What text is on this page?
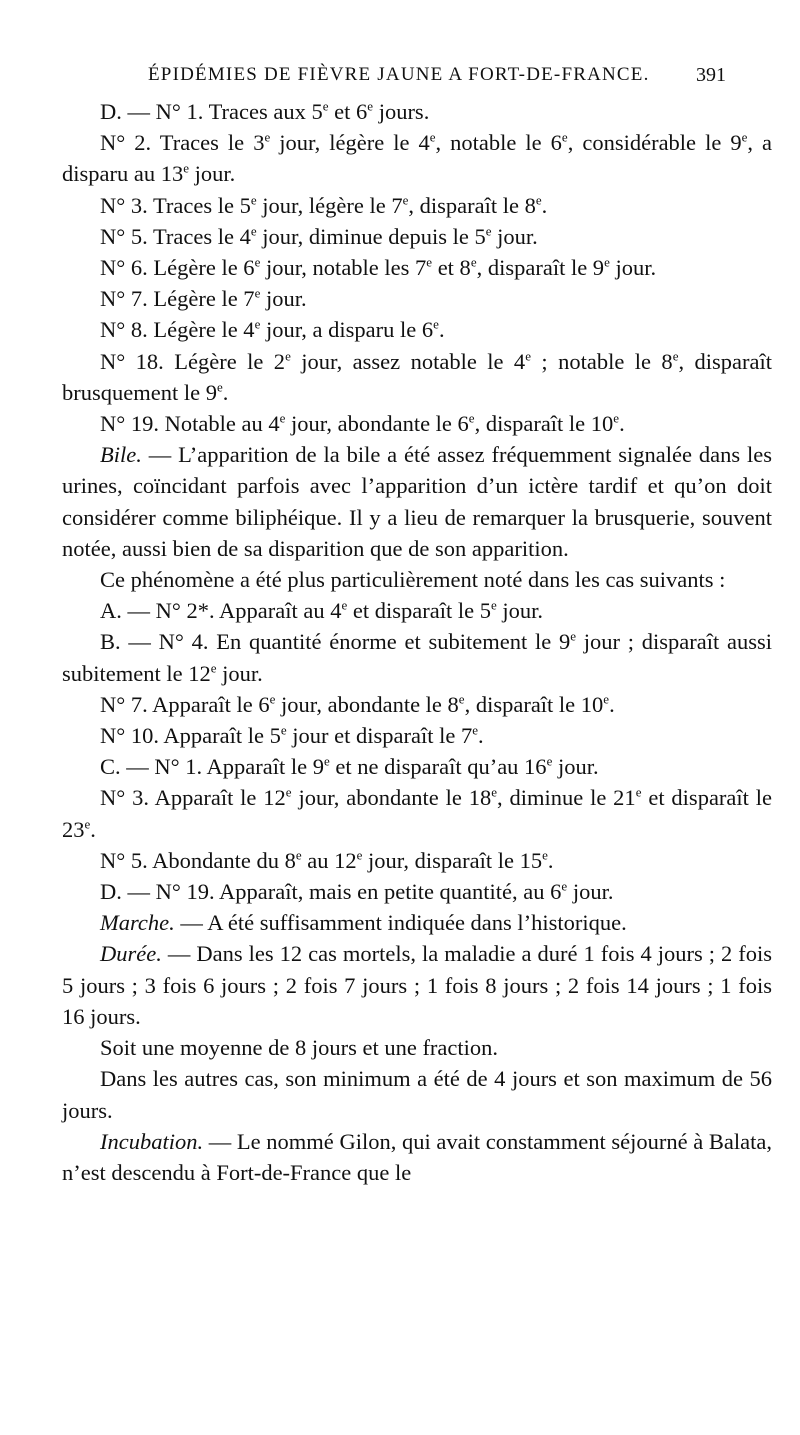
ÉPIDÉMIES DE FIÈVRE JAUNE A FORT-DE-FRANCE. 391

D. — N° 1. Traces aux 5e et 6e jours.

N° 2. Traces le 3e jour, légère le 4e, notable le 6e, considérable le 9e, a disparu au 13e jour.

N° 3. Traces le 5e jour, légère le 7e, disparaît le 8e.

N° 5. Traces le 4e jour, diminue depuis le 5e jour.

N° 6. Légère le 6e jour, notable les 7e et 8e, disparaît le 9e jour.

N° 7. Légère le 7e jour.

N° 8. Légère le 4e jour, a disparu le 6e.

N° 18. Légère le 2e jour, assez notable le 4e ; notable le 8e, disparaît brusquement le 9e.

N° 19. Notable au 4e jour, abondante le 6e, disparaît le 10e.

Bile. — L’apparition de la bile a été assez fréquemment signalée dans les urines, coïncidant parfois avec l’apparition d’un ictère tardif et qu’on doit considérer comme biliphéique. Il y a lieu de remarquer la brusquerie, souvent notée, aussi bien de sa disparition que de son apparition.

Ce phénomène a été plus particulièrement noté dans les cas suivants :

A. — N° 2*. Apparaît au 4e et disparaît le 5e jour.

B. — N° 4. En quantité énorme et subitement le 9e jour ; disparaît aussi subitement le 12e jour.

N° 7. Apparaît le 6e jour, abondante le 8e, disparaît le 10e.

N° 10. Apparaît le 5e jour et disparaît le 7e.

C. — N° 1. Apparaît le 9e et ne disparaît qu’au 16e jour.

N° 3. Apparaît le 12e jour, abondante le 18e, diminue le 21e et disparaît le 23e.

N° 5. Abondante du 8e au 12e jour, disparaît le 15e.

D. — N° 19. Apparaît, mais en petite quantité, au 6e jour.

Marche. — A été suffisamment indiquée dans l’historique.

Durée. — Dans les 12 cas mortels, la maladie a duré 1 fois 4 jours ; 2 fois 5 jours ; 3 fois 6 jours ; 2 fois 7 jours ; 1 fois 8 jours ; 2 fois 14 jours ; 1 fois 16 jours.

Soit une moyenne de 8 jours et une fraction.

Dans les autres cas, son minimum a été de 4 jours et son maximum de 56 jours.

Incubation. — Le nommé Gilon, qui avait constamment séjourné à Balata, n’est descendu à Fort-de-France que le
